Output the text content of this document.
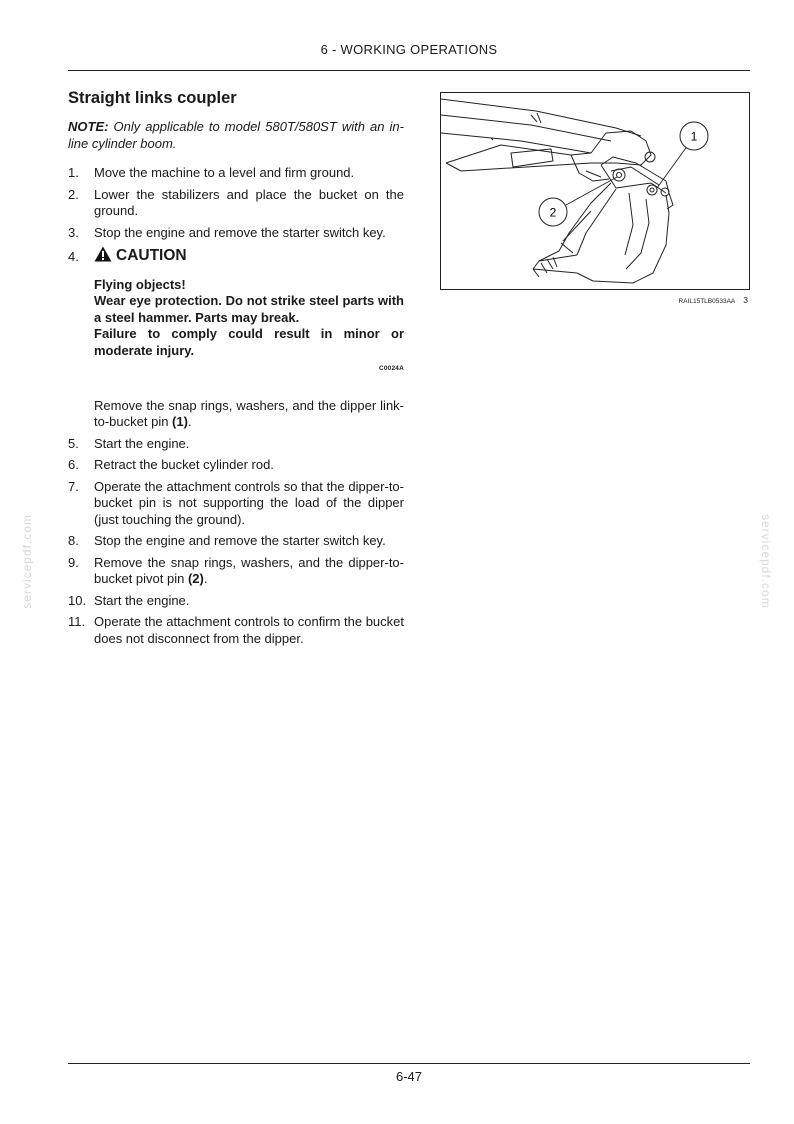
6 - WORKING OPERATIONS
servicepdf.com	servicepdf.com
Straight links coupler

NOTE: Only applicable to model 580T/580ST with an in-line cylinder boom.

1. Move the machine to a level and firm ground.
2. Lower the stabilizers and place the bucket on the ground.
3. Stop the engine and remove the starter switch key.
4. CAUTION

Flying objects!

Wear eye protection. Do not strike steel parts with a steel hammer. Parts may break.

Failure to comply could result in minor or moderate injury.

C0024A

Remove the snap rings, washers, and the dipper link-to-bucket pin (1).

5. Start the engine.
6. Retract the bucket cylinder rod.
7. Operate the attachment controls so that the dipper-to-bucket pin is not supporting the load of the dipper (just touching the ground).
8. Stop the engine and remove the starter switch key.
9. Remove the snap rings, washers, and the dipper-to-bucket pivot pin (2).
10. Start the engine.
11. Operate the attachment controls to confirm the bucket does not disconnect from the dipper.
1
2
RAIL15TLB0533AA 3
6-47
